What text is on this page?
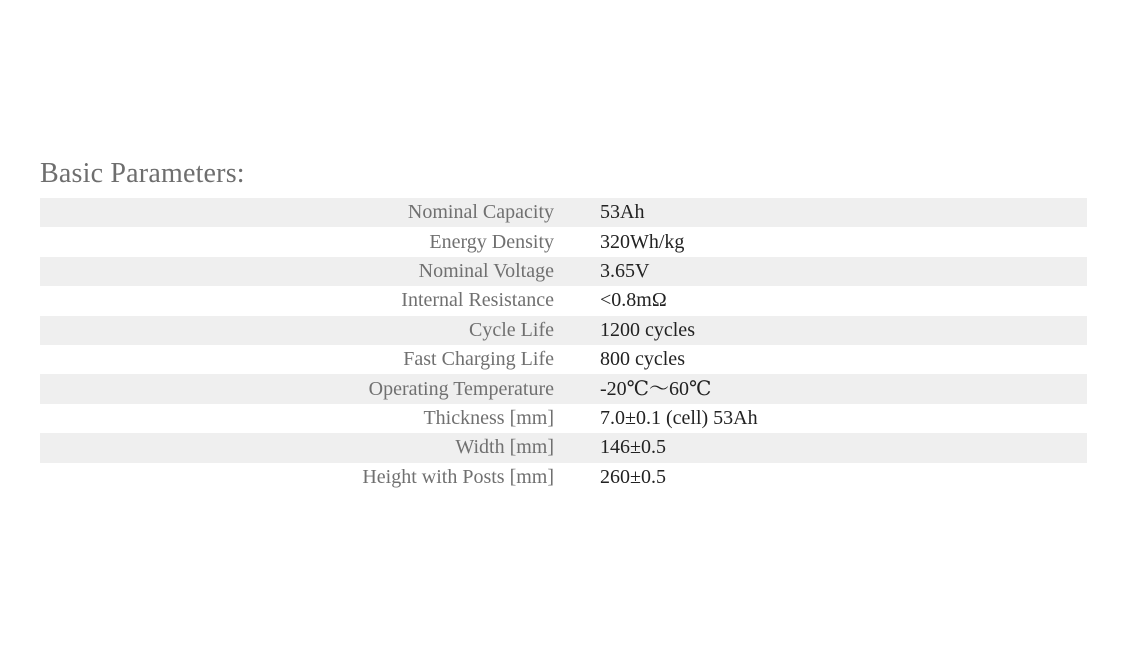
Basic Parameters:
Nominal Capacity		53Ah
Energy Density		320Wh/kg
Nominal Voltage		3.65V
Internal Resistance		<0.8mΩ
Cycle Life		1200 cycles
Fast Charging Life		800 cycles
Operating Temperature		-20℃～60℃
Thickness [mm]		7.0±0.1 (cell) 53Ah
Width [mm]		146±0.5
Height with Posts [mm]		260±0.5
